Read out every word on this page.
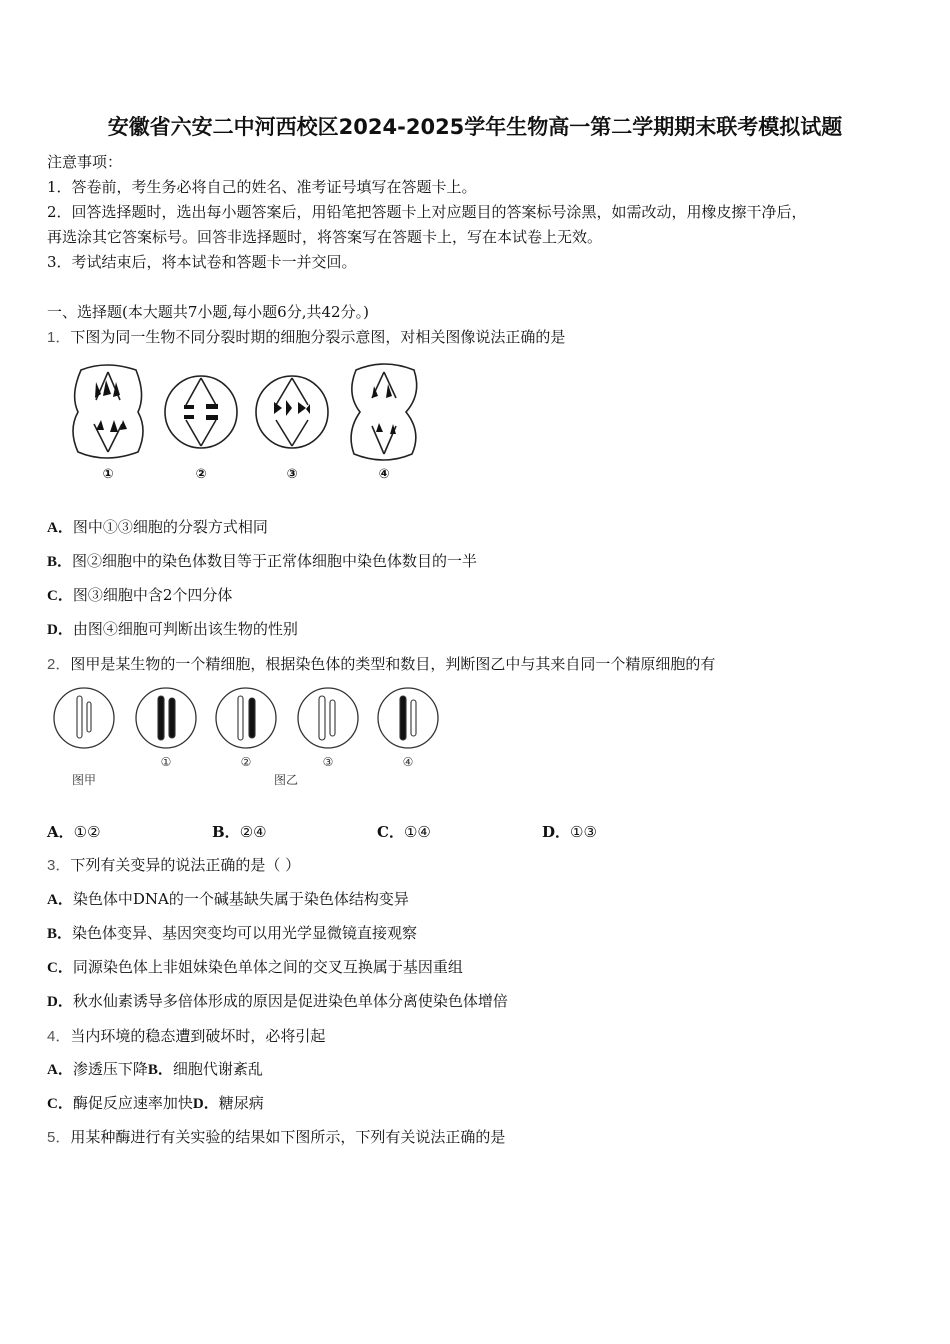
安徽省六安二中河西校区2024-2025学年生物高一第二学期期末联考模拟试题
注意事项：
1．答卷前，考生务必将自己的姓名、准考证号填写在答题卡上。
2．回答选择题时，选出每小题答案后，用铅笔把答题卡上对应题目的答案标号涂黑，如需改动，用橡皮擦干净后，
再选涂其它答案标号。回答非选择题时，将答案写在答题卡上，写在本试卷上无效。
3．考试结束后，将本试卷和答题卡一并交回。
一、选择题(本大题共7小题,每小题6分,共42分。)
1．下图为同一生物不同分裂时期的细胞分裂示意图，对相关图像说法正确的是
①	②	③	④
A．图中①③细胞的分裂方式相同
B．图②细胞中的染色体数目等于正常体细胞中染色体数目的一半
C．图③细胞中含2个四分体
D．由图④细胞可判断出该生物的性别
2．图甲是某生物的一个精细胞，根据染色体的类型和数目，判断图乙中与其来自同一个精原细胞的有
①	②	③	④
图甲	图乙
A．①②	B．②④	C．①④	D．①③
3．下列有关变异的说法正确的是（ ）
A．染色体中DNA的一个碱基缺失属于染色体结构变异
B．染色体变异、基因突变均可以用光学显微镜直接观察
C．同源染色体上非姐妹染色单体之间的交叉互换属于基因重组
D．秋水仙素诱导多倍体形成的原因是促进染色单体分离使染色体增倍
4．当内环境的稳态遭到破坏时，必将引起
A．渗透压下降B．细胞代谢紊乱
C．酶促反应速率加快D．糖尿病
5．用某种酶进行有关实验的结果如下图所示，下列有关说法正确的是
